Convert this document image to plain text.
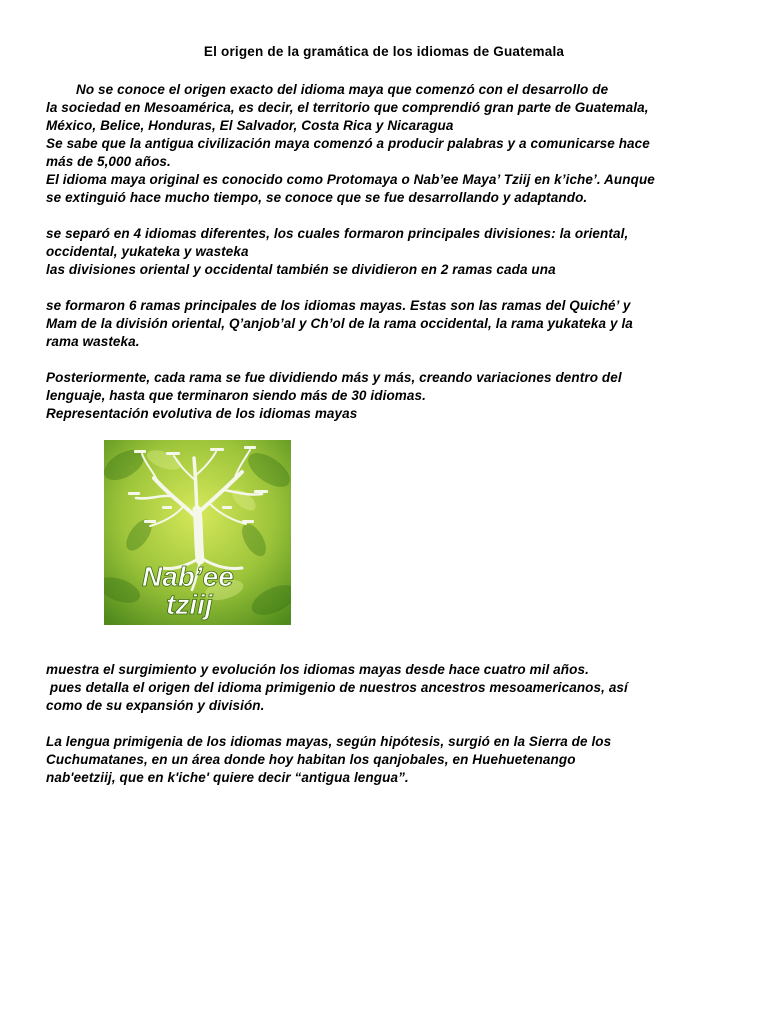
El origen de la gramática de los idiomas de Guatemala

No se conoce el origen exacto del idioma maya que comenzó con el desarrollo de

la sociedad en Mesoamérica, es decir, el territorio que comprendió gran parte de Guatemala,

México, Belice, Honduras, El Salvador, Costa Rica y Nicaragua

Se sabe que la antigua civilización maya comenzó a producir palabras y a comunicarse hace

más de 5,000 años.

El idioma maya original es conocido como Protomaya o Nab’ee Maya’ Tziij en k’iche’. Aunque

se extinguió hace mucho tiempo, se conoce que se fue desarrollando y adaptando.

se separó en 4 idiomas diferentes, los cuales formaron principales divisiones: la oriental,

occidental, yukateka y wasteka

las divisiones oriental y occidental también se dividieron en 2 ramas cada una

se formaron 6 ramas principales de los idiomas mayas. Estas son las ramas del Quiché’ y

Mam de la división oriental, Q’anjob’al y Ch’ol de la rama occidental, la rama yukateka y la

rama wasteka.

Posteriormente, cada rama se fue dividiendo más y más, creando variaciones dentro del

lenguaje, hasta que terminaron siendo más de 30 idiomas.

Representación evolutiva de los idiomas mayas

Nab’ee
tziij

muestra el surgimiento y evolución los idiomas mayas desde hace cuatro mil años.

pues detalla el origen del idioma primigenio de nuestros ancestros mesoamericanos, así

como de su expansión y división.

La lengua primigenia de los idiomas mayas, según hipótesis, surgió en la Sierra de los

Cuchumatanes, en un área donde hoy habitan los qanjobales, en Huehuetenango

nab'eetziij, que en k'iche' quiere decir “antigua lengua”.
